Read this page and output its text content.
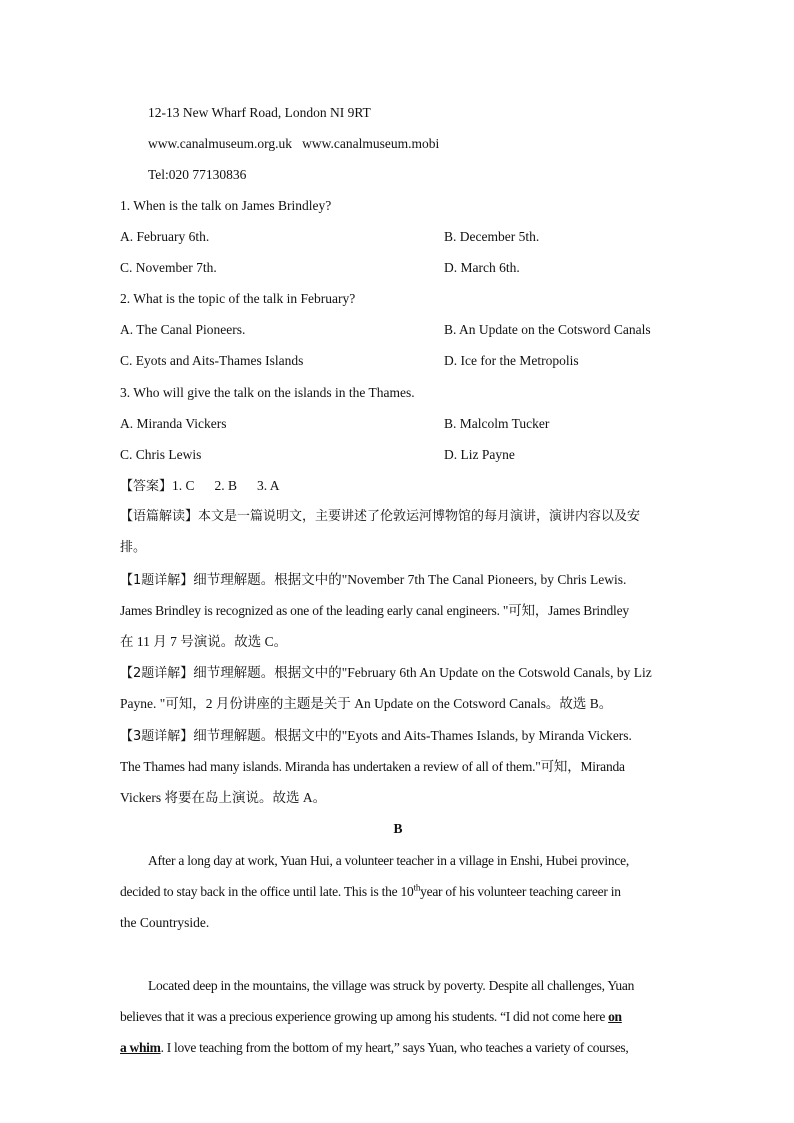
12-13 New Wharf Road, London NI 9RT
www.canalmuseum.org.uk www.canalmuseum.mobi
Tel:020 77130836
1. When is the talk on James Brindley?
A. February 6th.	B. December 5th.
C. November 7th.	D. March 6th.
2. What is the topic of the talk in February?
A. The Canal Pioneers.	B. An Update on the Cotsword Canals
C. Eyots and Aits-Thames Islands	D. Ice for the Metropolis
3. Who will give the talk on the islands in the Thames.
A. Miranda Vickers	B. Malcolm Tucker
C. Chris Lewis	D. Liz Payne
【答案】1. C 2. B 3. A
【语篇解读】本文是一篇说明文，主要讲述了伦敦运河博物馆的每月演讲，演讲内容以及安
排。
【1题详解】细节理解题。根据文中的"November 7th The Canal Pioneers, by Chris Lewis.
James Brindley is recognized as one of the leading early canal engineers. "可知，James Brindley
在 11 月 7 号演说。故选 C。
【2题详解】细节理解题。根据文中的"February 6th An Update on the Cotswold Canals, by Liz
Payne. "可知，2 月份讲座的主题是关于 An Update on the Cotsword Canals。故选 B。
【3题详解】细节理解题。根据文中的"Eyots and Aits-Thames Islands, by Miranda Vickers.
The Thames had many islands. Miranda has undertaken a review of all of them."可知，Miranda
Vickers 将要在岛上演说。故选 A。
B
After a long day at work, Yuan Hui, a volunteer teacher in a village in Enshi, Hubei province,
decided to stay back in the office until late. This is the 10thyear of his volunteer teaching career in
the Countryside.
Located deep in the mountains, the village was struck by poverty. Despite all challenges, Yuan
believes that it was a precious experience growing up among his students. “I did not come here on
a whim. I love teaching from the bottom of my heart,” says Yuan, who teaches a variety of courses,
